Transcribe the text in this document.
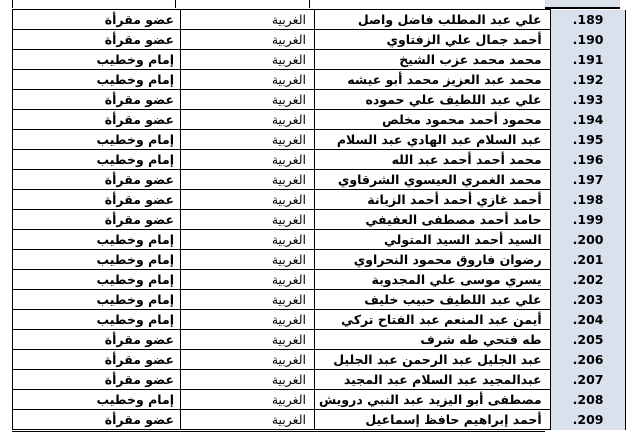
.189	علي عبد المطلب فاضل واصل	الغربية	عضو مقرأة
.190	أحمد جمال علي الزفتاوي	الغربية	عضو مقرأة
.191	محمد محمد عزب الشيخ	الغربية	إمام وخطيب
.192	محمد عبد العزيز محمد أبو عيشه	الغربية	إمام وخطيب
.193	علي عبد اللطيف علي حموده	الغربية	عضو مقرأة
.194	محمود أحمد محمود مخلص	الغربية	عضو مقرأة
.195	عبد السلام عبد الهادي عبد السلام	الغربية	إمام وخطيب
.196	محمد أحمد أحمد عبد الله	الغربية	إمام وخطيب
.197	محمد الغمري العيسوي الشرقاوي	الغربية	عضو مقرأة
.198	أحمد غازي أحمد أحمد الزيانة	الغربية	عضو مقرأة
.199	حامد أحمد مصطفى العفيفي	الغربية	عضو مقرأة
.200	السيد أحمد السيد المتولي	الغربية	إمام وخطيب
.201	رضوان فاروق محمود النحراوي	الغربية	إمام وخطيب
.202	يسري موسى علي المجدوبة	الغربية	إمام وخطيب
.203	علي عبد اللطيف حبيب خليف	الغربية	إمام وخطيب
.204	أيمن عبد المنعم عبد الفتاح تركي	الغربية	إمام وخطيب
.205	طه فتحي طه شرف	الغربية	عضو مقرأة
.206	عبد الجليل عبد الرحمن عبد الجليل	الغربية	عضو مقرأة
.207	عبدالمجيد عبد السلام عبد المجيد	الغربية	عضو مقرأة
.208	مصطفى أبو اليزيد عبد النبي درويش	الغربية	إمام وخطيب
.209	أحمد إبراهيم حافظ إسماعيل	الغربية	عضو مقرأة
